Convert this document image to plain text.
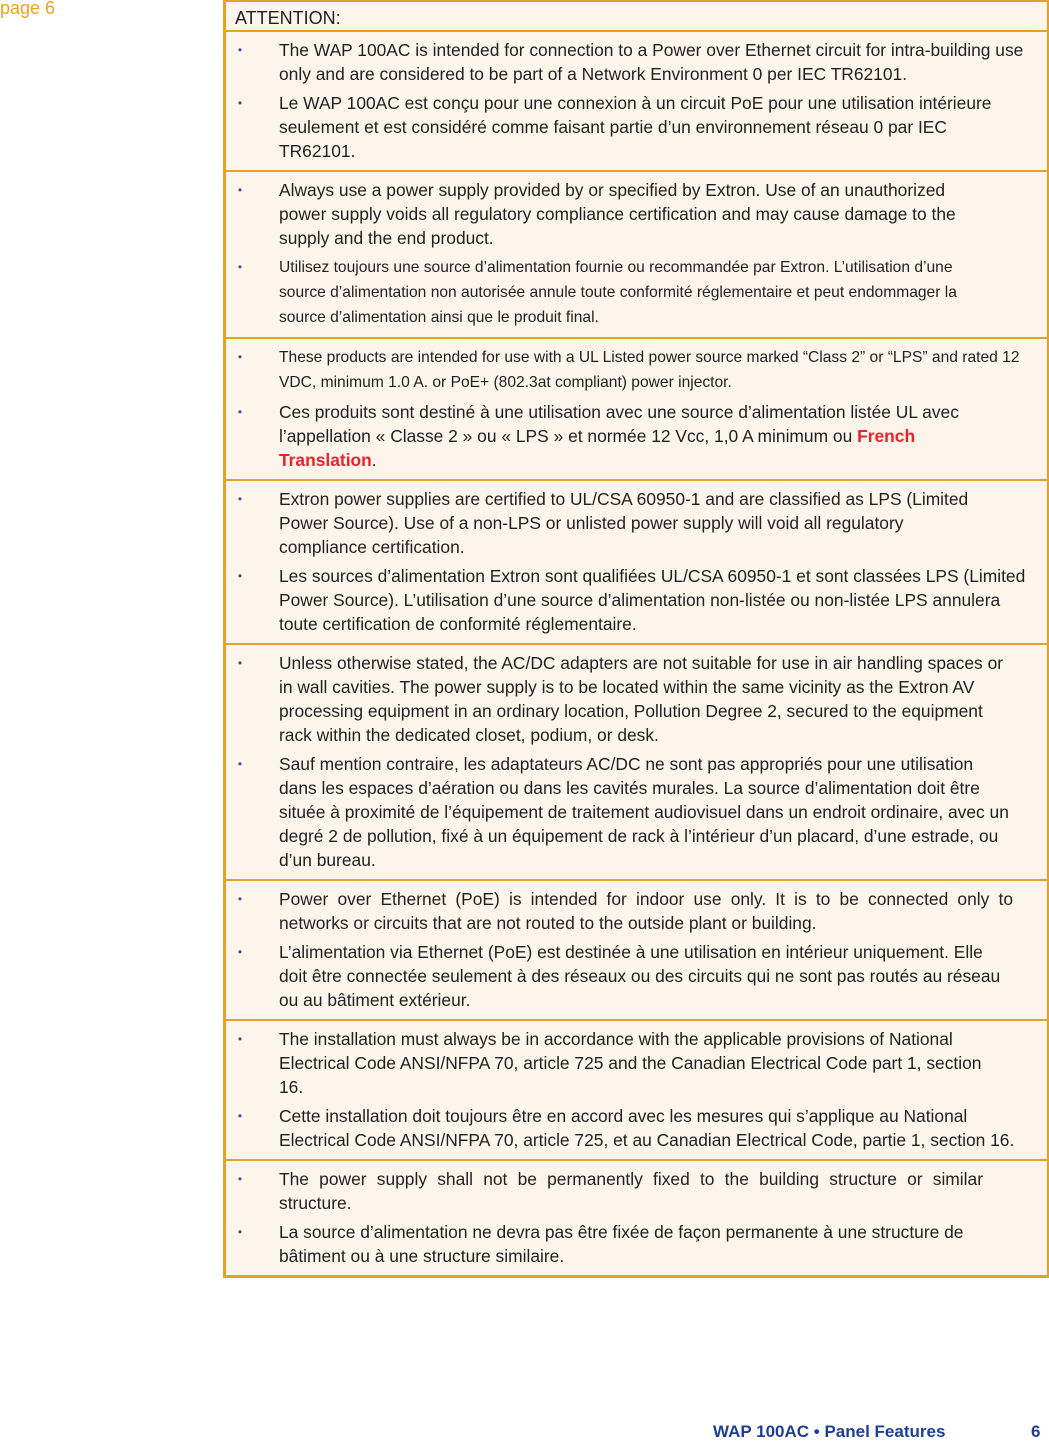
page 6	ATTENTION:
• The WAP 100AC is intended for connection to a Power over Ethernet circuit for intra-building use only and are considered to be part of a Network Environment 0 per IEC TR62101.
• Le WAP 100AC est conçu pour une connexion à un circuit PoE pour une utilisation intérieure seulement et est considéré comme faisant partie d’un environnement réseau 0 par IEC TR62101.
• Always use a power supply provided by or specified by Extron. Use of an unauthorized power supply voids all regulatory compliance certification and may cause damage to the supply and the end product.
• Utilisez toujours une source d’alimentation fournie ou recommandée par Extron. L’utilisation d’une source d’alimentation non autorisée annule toute conformité réglementaire et peut endommager la source d’alimentation ainsi que le produit final.
• These products are intended for use with a UL Listed power source marked “Class 2” or “LPS” and rated 12 VDC, minimum 1.0 A. or PoE+ (802.3at compliant) power injector.
• Ces produits sont destiné à une utilisation avec une source d’alimentation listée UL avec l’appellation « Classe 2 » ou « LPS » et normée 12 Vcc, 1,0 A minimum ou French Translation.
• Extron power supplies are certified to UL/CSA 60950-1 and are classified as LPS (Limited Power Source). Use of a non-LPS or unlisted power supply will void all regulatory compliance certification.
• Les sources d’alimentation Extron sont qualifiées UL/CSA 60950-1 et sont classées LPS (Limited Power Source). L’utilisation d’une source d’alimentation non-listée ou non-listée LPS annulera toute certification de conformité réglementaire.
• Unless otherwise stated, the AC/DC adapters are not suitable for use in air handling spaces or in wall cavities. The power supply is to be located within the same vicinity as the Extron AV processing equipment in an ordinary location, Pollution Degree 2, secured to the equipment rack within the dedicated closet, podium, or desk.
• Sauf mention contraire, les adaptateurs AC/DC ne sont pas appropriés pour une utilisation dans les espaces d’aération ou dans les cavités murales. La source d’alimentation doit être située à proximité de l’équipement de traitement audiovisuel dans un endroit ordinaire, avec un degré 2 de pollution, fixé à un équipement de rack à l’intérieur d’un placard, d’une estrade, ou d’un bureau.
• Power over Ethernet (PoE) is intended for indoor use only. It is to be connected only to networks or circuits that are not routed to the outside plant or building.
• L’alimentation via Ethernet (PoE) est destinée à une utilisation en intérieur uniquement. Elle doit être connectée seulement à des réseaux ou des circuits qui ne sont pas routés au réseau ou au bâtiment extérieur.
• The installation must always be in accordance with the applicable provisions of National Electrical Code ANSI/NFPA 70, article 725 and the Canadian Electrical Code part 1, section 16.
• Cette installation doit toujours être en accord avec les mesures qui s’applique au National Electrical Code ANSI/NFPA 70, article 725, et au Canadian Electrical Code, partie 1, section 16.
• The power supply shall not be permanently fixed to the building structure or similar structure.
• La source d’alimentation ne devra pas être fixée de façon permanente à une structure de bâtiment ou à une structure similaire.
WAP 100AC • Panel Features	6
